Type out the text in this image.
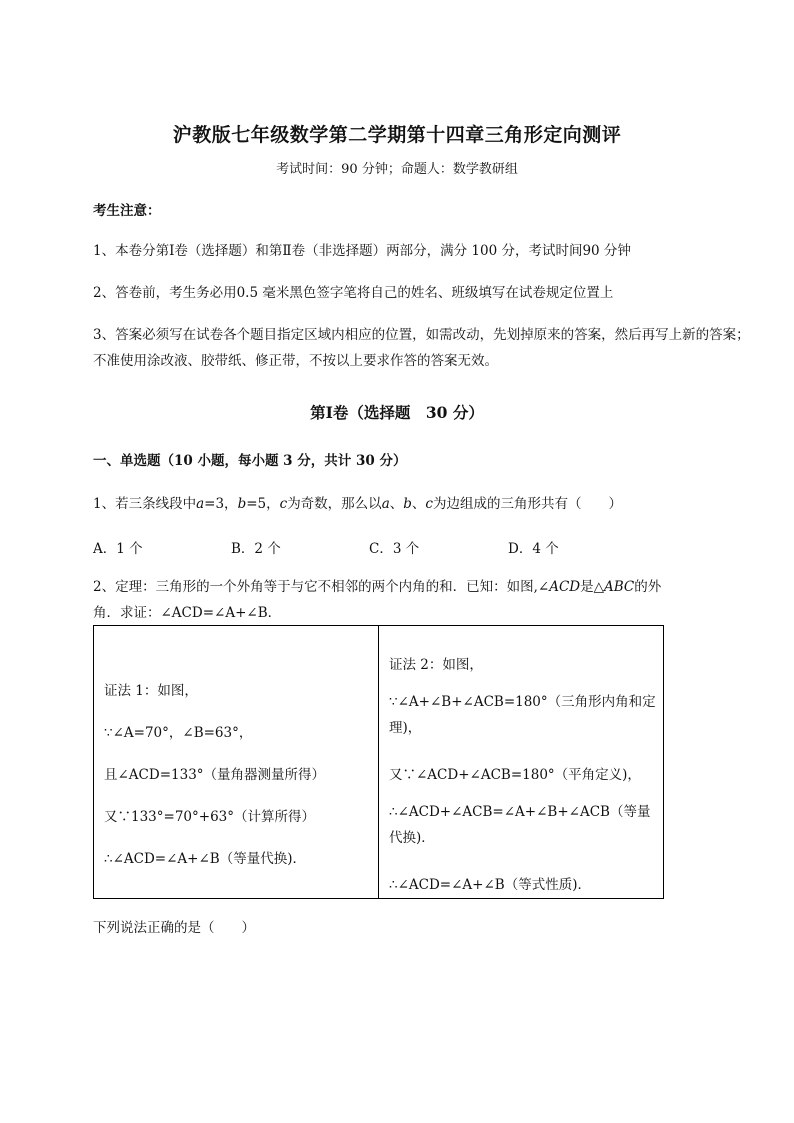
沪教版七年级数学第二学期第十四章三角形定向测评
考试时间：90 分钟；命题人：数学教研组
考生注意：
1、本卷分第Ⅰ卷（选择题）和第Ⅱ卷（非选择题）两部分，满分 100 分，考试时间90 分钟
2、答卷前，考生务必用0.5 毫米黑色签字笔将自己的姓名、班级填写在试卷规定位置上
3、答案必须写在试卷各个题目指定区域内相应的位置，如需改动，先划掉原来的答案，然后再写上新的答案；不准使用涂改液、胶带纸、修正带，不按以上要求作答的答案无效。
第Ⅰ卷（选择题　30 分）
一、单选题（10 小题，每小题 3 分，共计 30 分）
1、若三条线段中a=3，b=5，c为奇数，那么以a、b、c为边组成的三角形共有（　　）
A．1 个	B．2 个	C．3 个	D．4 个
2、定理：三角形的一个外角等于与它不相邻的两个内角的和．已知：如图,∠ACD是△ABC的外
角．求证：∠ACD=∠A+∠B．
证法 1：如图，
∵∠A=70°，∠B=63°，
且∠ACD=133°（量角器测量所得）
又∵133°=70°+63°（计算所得）
∴∠ACD=∠A+∠B（等量代换)．

证法 2：如图，
∵∠A+∠B+∠ACB=180°（三角形内角和定理)，
又∵∠ACD+∠ACB=180°（平角定义)，
∴∠ACD+∠ACB=∠A+∠B+∠ACB（等量代换)．
∴∠ACD=∠A+∠B（等式性质)．
下列说法正确的是（　　）
